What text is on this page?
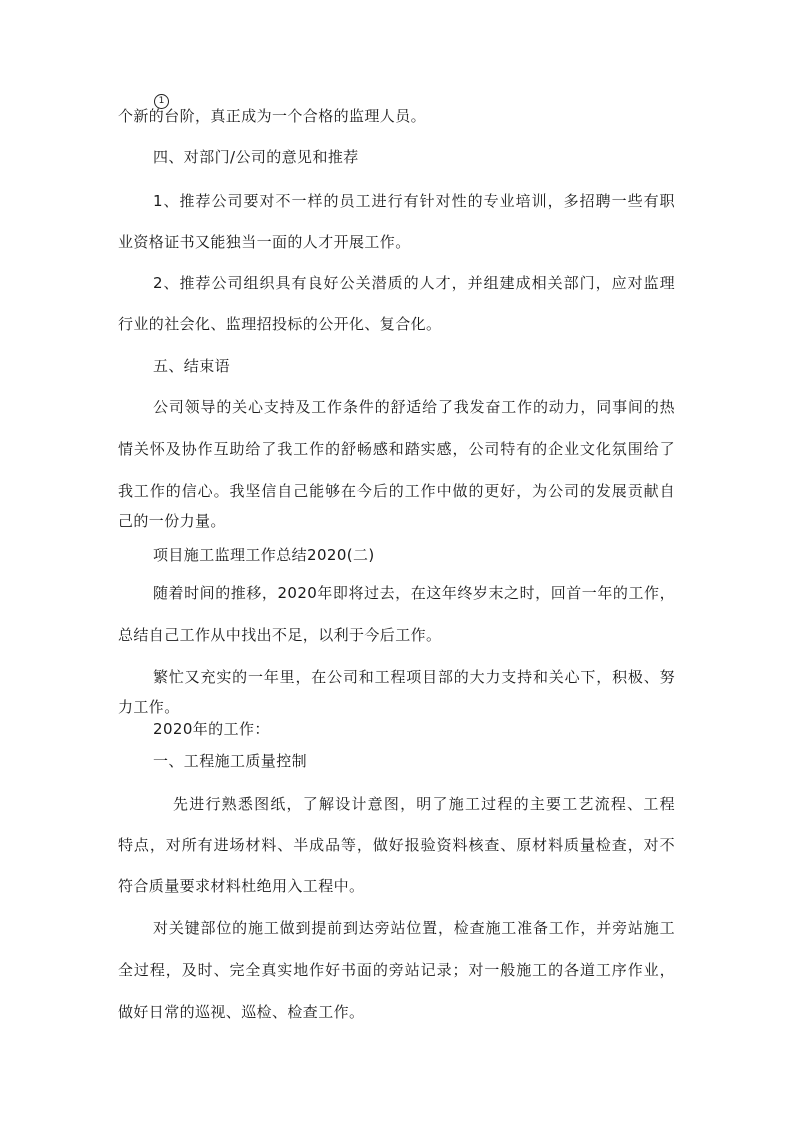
1
个新的台阶，真正成为一个合格的监理人员。
四、对部门/公司的意见和推荐
1、推荐公司要对不一样的员工进行有针对性的专业培训，多招聘一些有职
业资格证书又能独当一面的人才开展工作。
2、推荐公司组织具有良好公关潜质的人才，并组建成相关部门，应对监理
行业的社会化、监理招投标的公开化、复合化。
五、结束语
公司领导的关心支持及工作条件的舒适给了我发奋工作的动力，同事间的热
情关怀及协作互助给了我工作的舒畅感和踏实感，公司特有的企业文化氛围给了
我工作的信心。我坚信自己能够在今后的工作中做的更好，为公司的发展贡献自
己的一份力量。
项目施工监理工作总结2020(二)
随着时间的推移，2020年即将过去，在这年终岁末之时，回首一年的工作，
总结自己工作从中找出不足，以利于今后工作。
繁忙又充实的一年里，在公司和工程项目部的大力支持和关心下，积极、努
力工作。
2020年的工作：
一、工程施工质量控制
先进行熟悉图纸，了解设计意图，明了施工过程的主要工艺流程、工程
特点，对所有进场材料、半成品等，做好报验资料核查、原材料质量检查，对不
符合质量要求材料杜绝用入工程中。
对关键部位的施工做到提前到达旁站位置，检查施工准备工作，并旁站施工
全过程，及时、完全真实地作好书面的旁站记录；对一般施工的各道工序作业，
做好日常的巡视、巡检、检查工作。
